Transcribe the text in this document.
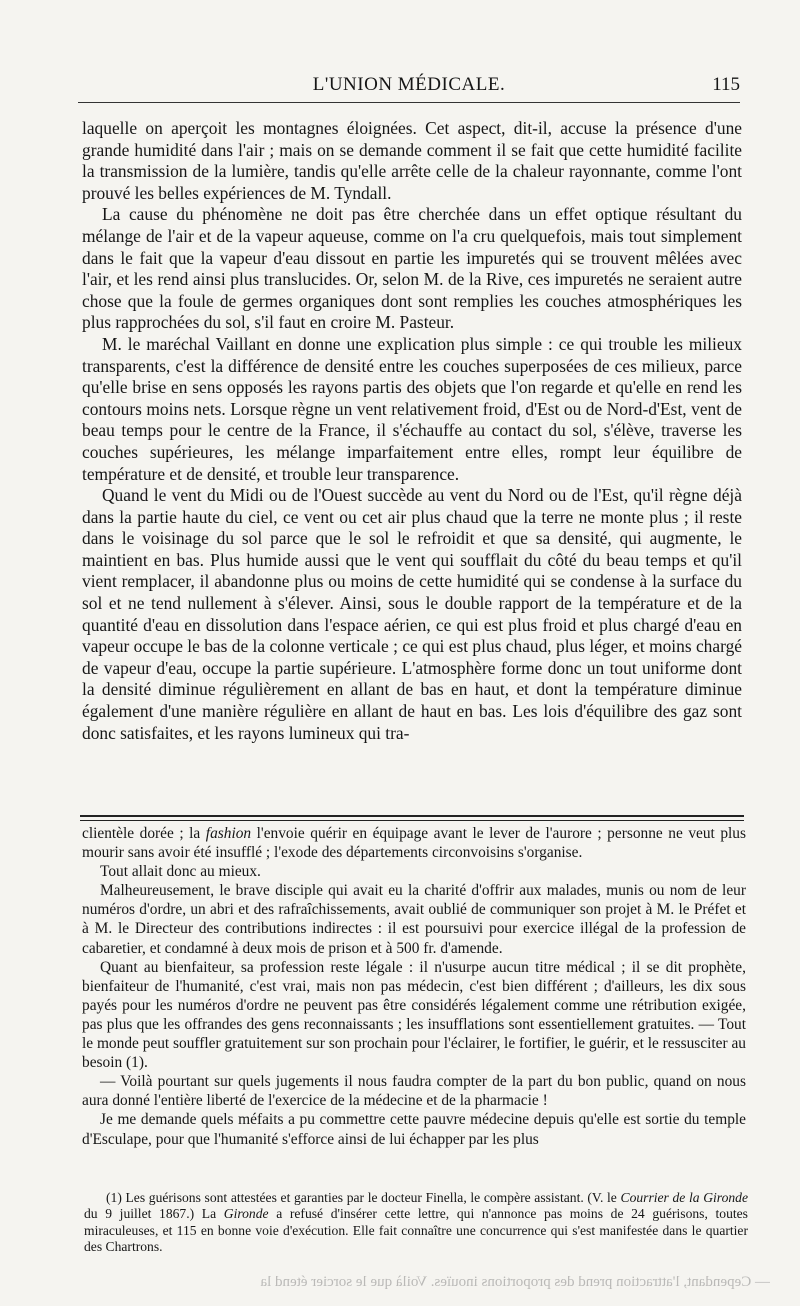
L'UNION MÉDICALE.	115

laquelle on aperçoit les montagnes éloignées. Cet aspect, dit-il, accuse la présence d'une grande humidité dans l'air ; mais on se demande comment il se fait que cette humidité facilite la transmission de la lumière, tandis qu'elle arrête celle de la chaleur rayonnante, comme l'ont prouvé les belles expériences de M. Tyndall.

La cause du phénomène ne doit pas être cherchée dans un effet optique résultant du mélange de l'air et de la vapeur aqueuse, comme on l'a cru quelquefois, mais tout simplement dans le fait que la vapeur d'eau dissout en partie les impuretés qui se trouvent mêlées avec l'air, et les rend ainsi plus translucides. Or, selon M. de la Rive, ces impuretés ne seraient autre chose que la foule de germes organiques dont sont remplies les couches atmosphériques les plus rapprochées du sol, s'il faut en croire M. Pasteur.

M. le maréchal Vaillant en donne une explication plus simple : ce qui trouble les milieux transparents, c'est la différence de densité entre les couches superposées de ces milieux, parce qu'elle brise en sens opposés les rayons partis des objets que l'on regarde et qu'elle en rend les contours moins nets. Lorsque règne un vent relativement froid, d'Est ou de Nord-d'Est, vent de beau temps pour le centre de la France, il s'échauffe au contact du sol, s'élève, traverse les couches supérieures, les mélange imparfaitement entre elles, rompt leur équilibre de température et de densité, et trouble leur transparence.

Quand le vent du Midi ou de l'Ouest succède au vent du Nord ou de l'Est, qu'il règne déjà dans la partie haute du ciel, ce vent ou cet air plus chaud que la terre ne monte plus ; il reste dans le voisinage du sol parce que le sol le refroidit et que sa densité, qui augmente, le maintient en bas. Plus humide aussi que le vent qui soufflait du côté du beau temps et qu'il vient remplacer, il abandonne plus ou moins de cette humidité qui se condense à la surface du sol et ne tend nullement à s'élever. Ainsi, sous le double rapport de la température et de la quantité d'eau en dissolution dans l'espace aérien, ce qui est plus froid et plus chargé d'eau en vapeur occupe le bas de la colonne verticale ; ce qui est plus chaud, plus léger, et moins chargé de vapeur d'eau, occupe la partie supérieure. L'atmosphère forme donc un tout uniforme dont la densité diminue régulièrement en allant de bas en haut, et dont la température diminue également d'une manière régulière en allant de haut en bas. Les lois d'équilibre des gaz sont donc satisfaites, et les rayons lumineux qui tra-

clientèle dorée ; la fashion l'envoie quérir en équipage avant le lever de l'aurore ; personne ne veut plus mourir sans avoir été insufflé ; l'exode des départements circonvoisins s'organise.

Tout allait donc au mieux.

Malheureusement, le brave disciple qui avait eu la charité d'offrir aux malades, munis ou nom de leur numéros d'ordre, un abri et des rafraîchissements, avait oublié de communiquer son projet à M. le Préfet et à M. le Directeur des contributions indirectes : il est poursuivi pour exercice illégal de la profession de cabaretier, et condamné à deux mois de prison et à 500 fr. d'amende.

Quant au bienfaiteur, sa profession reste légale : il n'usurpe aucun titre médical ; il se dit prophète, bienfaiteur de l'humanité, c'est vrai, mais non pas médecin, c'est bien différent ; d'ailleurs, les dix sous payés pour les numéros d'ordre ne peuvent pas être considérés légalement comme une rétribution exigée, pas plus que les offrandes des gens reconnaissants ; les insufflations sont essentiellement gratuites. — Tout le monde peut souffler gratuitement sur son prochain pour l'éclairer, le fortifier, le guérir, et le ressusciter au besoin (1).

— Voilà pourtant sur quels jugements il nous faudra compter de la part du bon public, quand on nous aura donné l'entière liberté de l'exercice de la médecine et de la pharmacie !

Je me demande quels méfaits a pu commettre cette pauvre médecine depuis qu'elle est sortie du temple d'Esculape, pour que l'humanité s'efforce ainsi de lui échapper par les plus

(1) Les guérisons sont attestées et garanties par le docteur Finella, le compère assistant. (V. le Courrier de la Gironde du 9 juillet 1867.) La Gironde a refusé d'insérer cette lettre, qui n'annonce pas moins de 24 guérisons, toutes miraculeuses, et 115 en bonne voie d'exécution. Elle fait connaître une concurrence qui s'est manifestée dans le quartier des Chartrons.

— Cependant, l'attraction prend des proportions inouïes. Voilà que le sorcier étend la
